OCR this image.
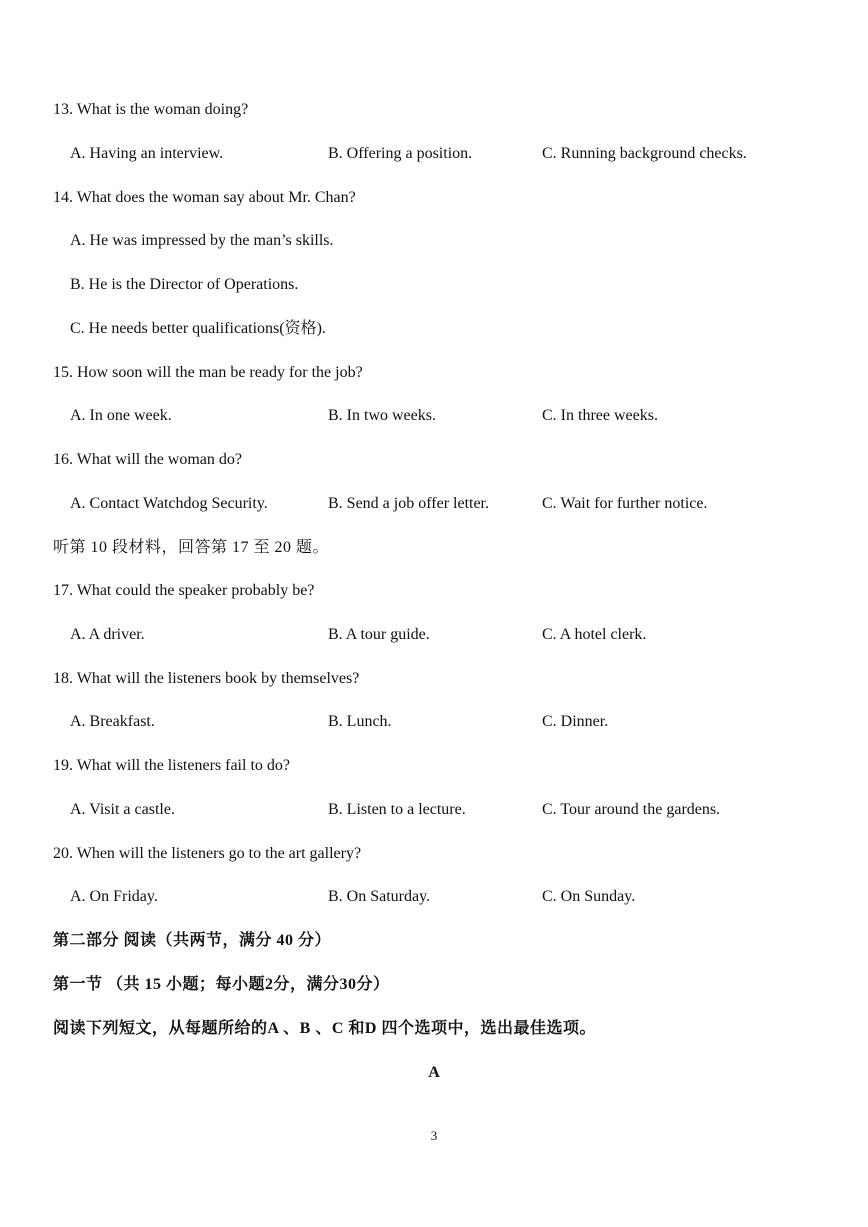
13. What is the woman doing?
A. Having an interview.	B. Offering a position.	C. Running background checks.
14. What does the woman say about Mr. Chan?
A. He was impressed by the man’s skills.
B. He is the Director of Operations.
C. He needs better qualifications(资格).
15. How soon will the man be ready for the job?
A. In one week.	B. In two weeks.	C. In three weeks.
16. What will the woman do?
A. Contact Watchdog Security.	B. Send a job offer letter.	C. Wait for further notice.
听第 10 段材料，回答第 17 至 20 题。
17. What could the speaker probably be?
A. A driver.	B. A tour guide.	C. A hotel clerk.
18. What will the listeners book by themselves?
A. Breakfast.	B. Lunch.	C. Dinner.
19. What will the listeners fail to do?
A. Visit a castle.	B. Listen to a lecture.	C. Tour around the gardens.
20. When will the listeners go to the art gallery?
A. On Friday.	B. On Saturday.	C. On Sunday.
第二部分 阅读（共两节，满分 40 分）
第一节 （共 15 小题；每小题2分，满分30分）
阅读下列短文，从每题所给的A 、B 、C 和D 四个选项中，选出最佳选项。
A
3
